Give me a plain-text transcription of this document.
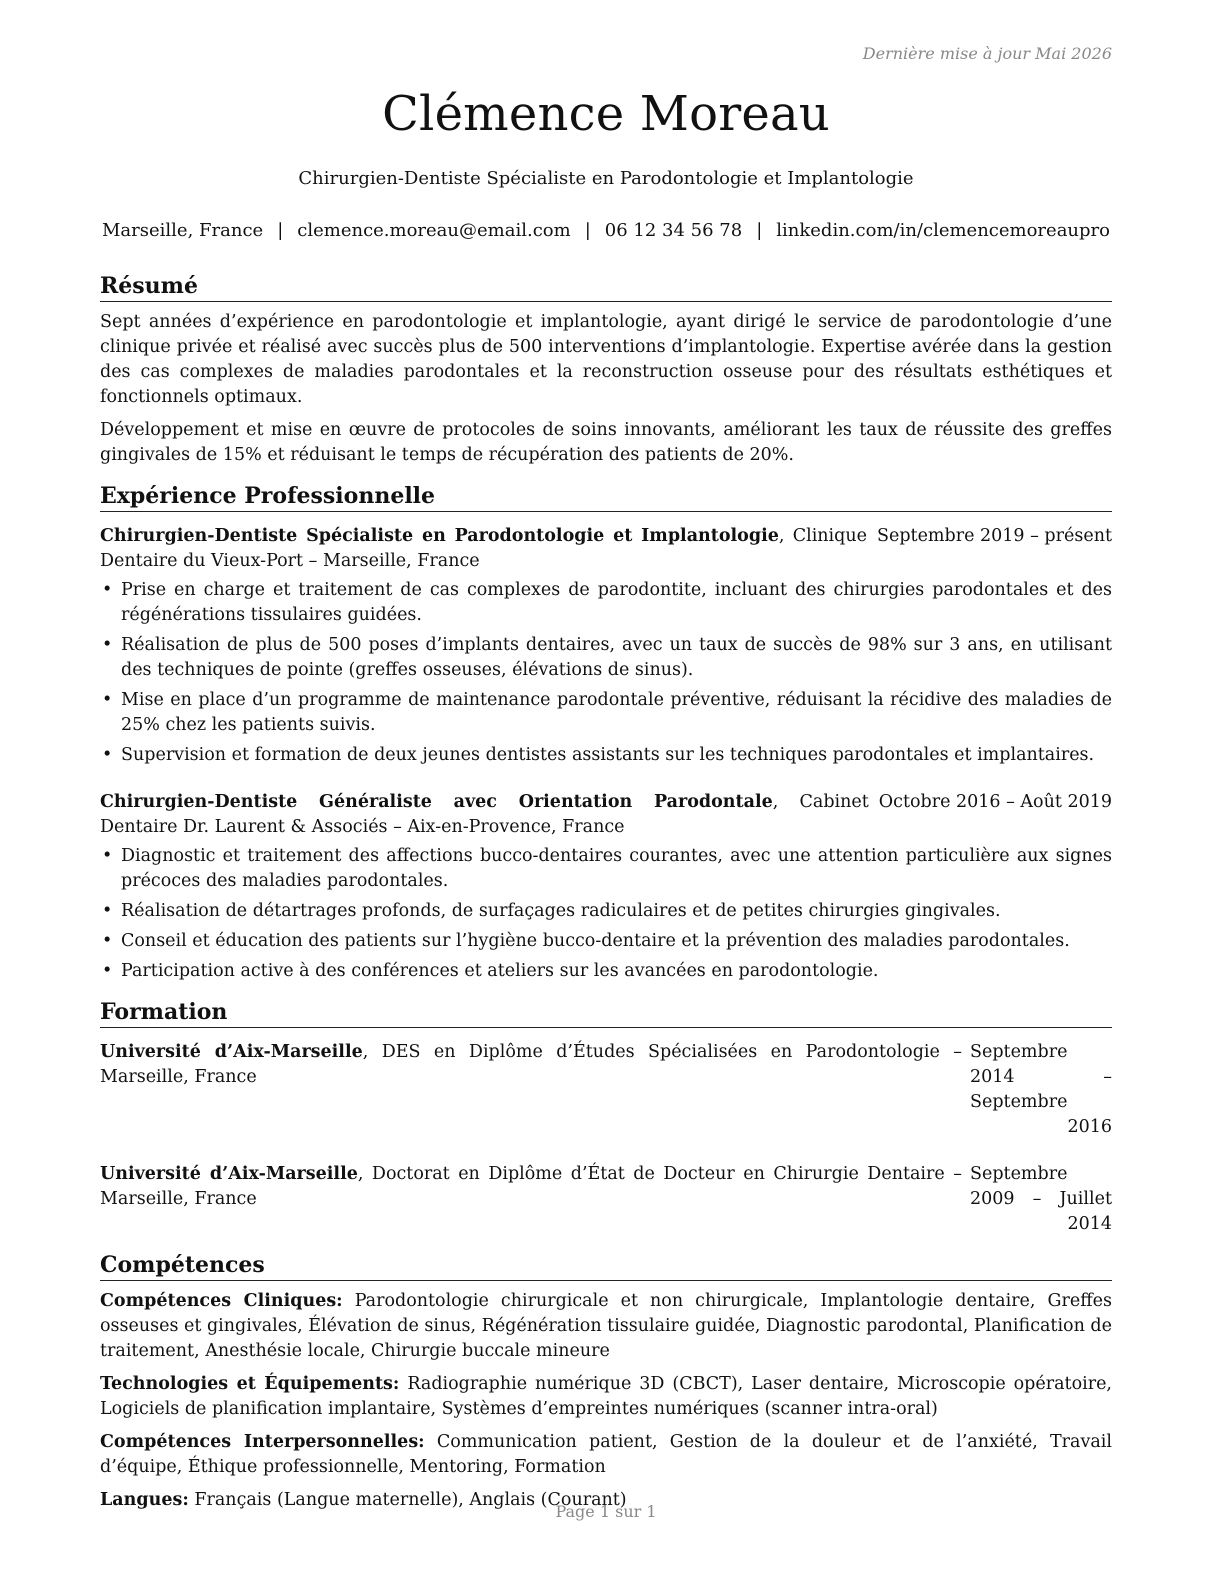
Dernière mise à jour Mai 2026
Clémence Moreau
Chirurgien-Dentiste Spécialiste en Parodontologie et Implantologie
Marseille, France | clemence.moreau@email.com | 06 12 34 56 78 | linkedin.com/in/clemencemoreaupro
Résumé

Sept années d’expérience en parodontologie et implantologie, ayant dirigé le service de parodontologie d’une clinique privée et réalisé avec succès plus de 500 interventions d’implantologie. Expertise avérée dans la gestion des cas complexes de maladies parodontales et la reconstruction osseuse pour des résultats esthétiques et fonctionnels optimaux.

Développement et mise en œuvre de protocoles de soins innovants, améliorant les taux de réussite des greffes gingivales de 15% et réduisant le temps de récupération des patients de 20%.

Expérience Professionnelle
Chirurgien-Dentiste Spécialiste en Parodontologie et Implantologie, Clinique Dentaire du Vieux-Port – Marseille, France
Septembre 2019 – présent
• Prise en charge et traitement de cas complexes de parodontite, incluant des chirurgies parodontales et des régénérations tissulaires guidées.
• Réalisation de plus de 500 poses d’implants dentaires, avec un taux de succès de 98% sur 3 ans, en utilisant des techniques de pointe (greffes osseuses, élévations de sinus).
• Mise en place d’un programme de maintenance parodontale préventive, réduisant la récidive des maladies de 25% chez les patients suivis.
• Supervision et formation de deux jeunes dentistes assistants sur les techniques parodontales et implantaires.
Chirurgien-Dentiste Généraliste avec Orientation Parodontale, Cabinet Dentaire Dr. Laurent & Associés – Aix-en-Provence, France
Octobre 2016 – Août 2019
• Diagnostic et traitement des affections bucco-dentaires courantes, avec une attention particulière aux signes précoces des maladies parodontales.
• Réalisation de détartrages profonds, de surfaçages radiculaires et de petites chirurgies gingivales.
• Conseil et éducation des patients sur l’hygiène bucco-dentaire et la prévention des maladies parodontales.
• Participation active à des conférences et ateliers sur les avancées en parodontologie.
Formation
Université d’Aix-Marseille, DES en Diplôme d’Études Spécialisées en Parodontologie – Marseille, France
Septembre 2014 – Septembre 2016
Université d’Aix-Marseille, Doctorat en Diplôme d’État de Docteur en Chirurgie Dentaire – Marseille, France
Septembre 2009 – Juillet 2014
Compétences
Compétences Cliniques: Parodontologie chirurgicale et non chirurgicale, Implantologie dentaire, Greffes osseuses et gingivales, Élévation de sinus, Régénération tissulaire guidée, Diagnostic parodontal, Planification de traitement, Anesthésie locale, Chirurgie buccale mineure
Technologies et Équipements: Radiographie numérique 3D (CBCT), Laser dentaire, Microscopie opératoire, Logiciels de planification implantaire, Systèmes d’empreintes numériques (scanner intra-oral)
Compétences Interpersonnelles: Communication patient, Gestion de la douleur et de l’anxiété, Travail d’équipe, Éthique professionnelle, Mentoring, Formation
Langues: Français (Langue maternelle), Anglais (Courant)
Page 1 sur 1
